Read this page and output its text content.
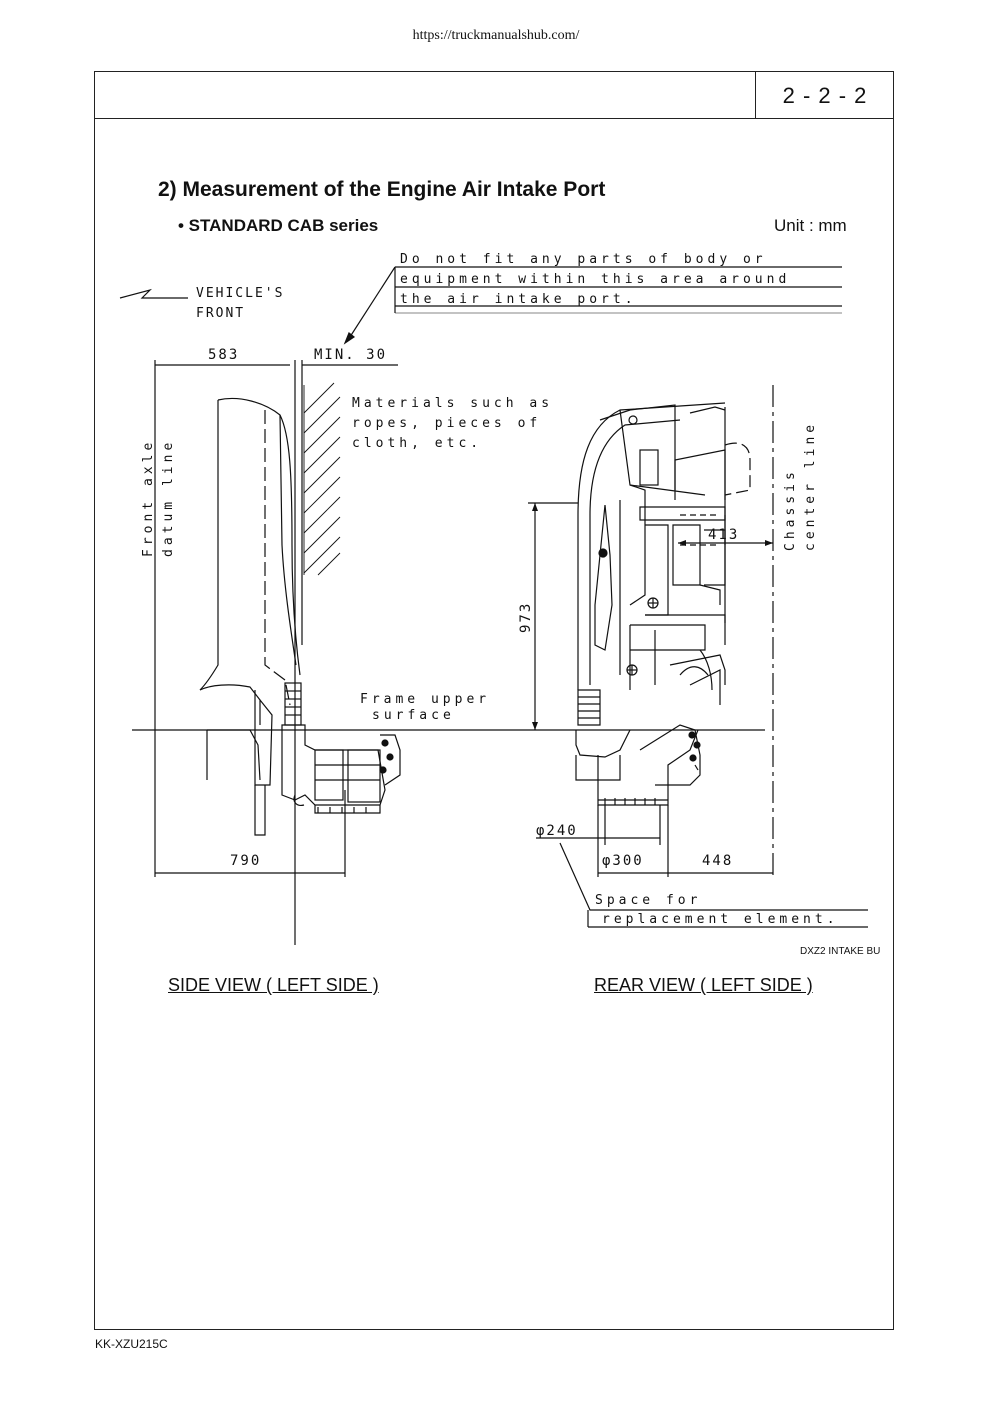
https://truckmanualshub.com/
2 - 2 - 2
2) Measurement of the Engine Air Intake Port
• STANDARD CAB series	Unit : mm
Do not fit any parts of body or
equipment within this area around
the air intake port.
VEHICLE'S
FRONT
583	MIN. 30
Materials such as
ropes, pieces of
cloth, etc.
Front axle datum line
Frame upper
surface
790
973
413	Chassis center line
φ240
φ300	448
Space for
replacement element.
DXZ2 INTAKE BU
SIDE VIEW ( LEFT SIDE )	REAR VIEW ( LEFT SIDE )
KK-XZU215C
